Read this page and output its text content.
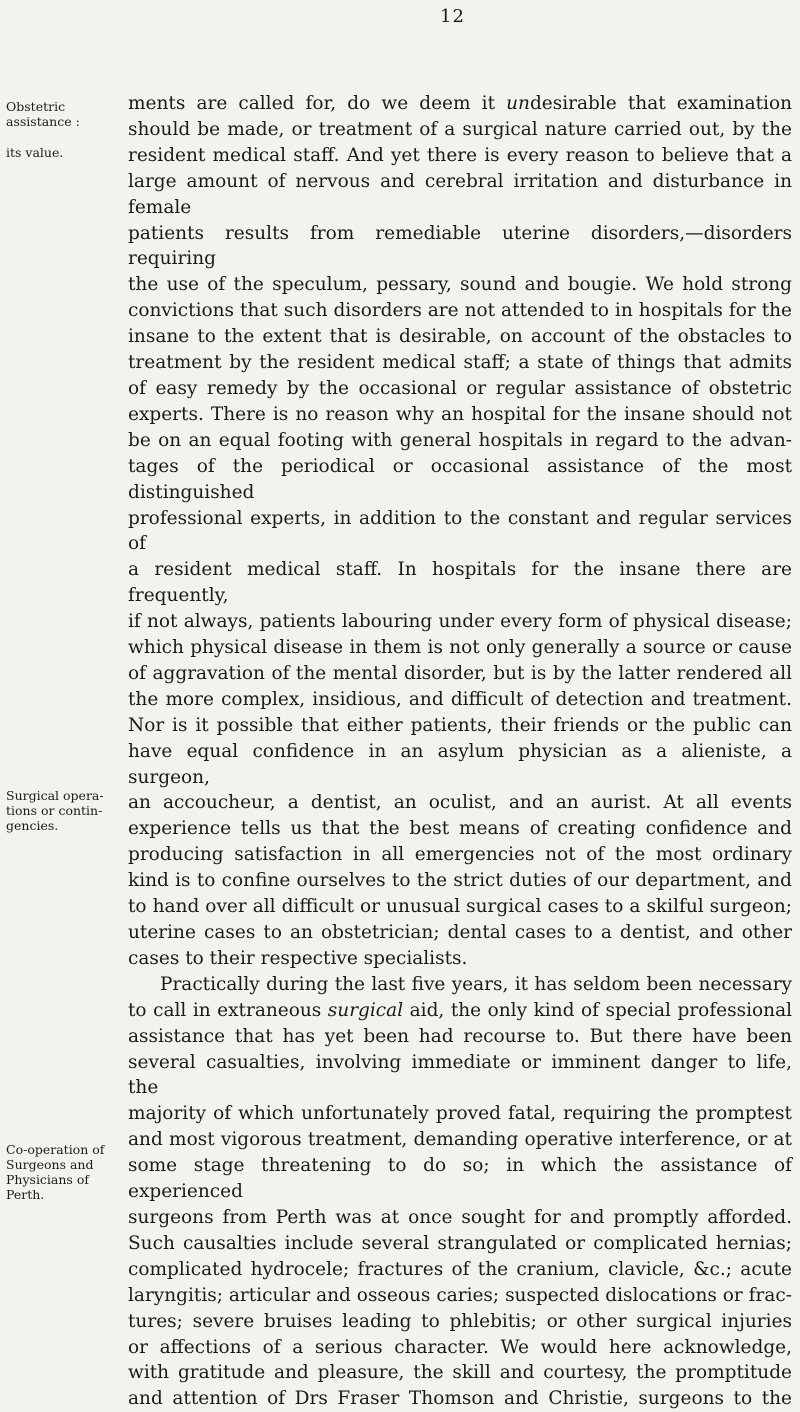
12
Obstetric assistance :
its value.
Surgical opera- tions or contin- gencies.
Co-operation of Surgeons and Physicians of Perth.

ments are called for, do we deem it undesirable that examination

should be made, or treatment of a surgical nature carried out, by the

resident medical staff. And yet there is every reason to believe that a

large amount of nervous and cerebral irritation and disturbance in female

patients results from remediable uterine disorders,—disorders requiring

the use of the speculum, pessary, sound and bougie. We hold strong

convictions that such disorders are not attended to in hospitals for the

insane to the extent that is desirable, on account of the obstacles to

treatment by the resident medical staff; a state of things that admits

of easy remedy by the occasional or regular assistance of obstetric

experts. There is no reason why an hospital for the insane should not

be on an equal footing with general hospitals in regard to the advan-

tages of the periodical or occasional assistance of the most distinguished

professional experts, in addition to the constant and regular services of

a resident medical staff. In hospitals for the insane there are frequently,

if not always, patients labouring under every form of physical disease;

which physical disease in them is not only generally a source or cause

of aggravation of the mental disorder, but is by the latter rendered all

the more complex, insidious, and difficult of detection and treatment.

Nor is it possible that either patients, their friends or the public can

have equal confidence in an asylum physician as a alieniste, a surgeon,

an accoucheur, a dentist, an oculist, and an aurist. At all events

experience tells us that the best means of creating confidence and

producing satisfaction in all emergencies not of the most ordinary

kind is to confine ourselves to the strict duties of our department, and

to hand over all difficult or unusual surgical cases to a skilful surgeon;

uterine cases to an obstetrician; dental cases to a dentist, and other

cases to their respective specialists.

Practically during the last five years, it has seldom been necessary

to call in extraneous surgical aid, the only kind of special professional

assistance that has yet been had recourse to. But there have been

several casualties, involving immediate or imminent danger to life, the

majority of which unfortunately proved fatal, requiring the promptest

and most vigorous treatment, demanding operative interference, or at

some stage threatening to do so; in which the assistance of experienced

surgeons from Perth was at once sought for and promptly afforded.

Such causalties include several strangulated or complicated hernias;

complicated hydrocele; fractures of the cranium, clavicle, &c.; acute

laryngitis; articular and osseous caries; suspected dislocations or frac-

tures; severe bruises leading to phlebitis; or other surgical injuries

or affections of a serious character. We would here acknowledge,

with gratitude and pleasure, the skill and courtesy, the promptitude

and attention of Drs Fraser Thomson and Christie, surgeons to the
